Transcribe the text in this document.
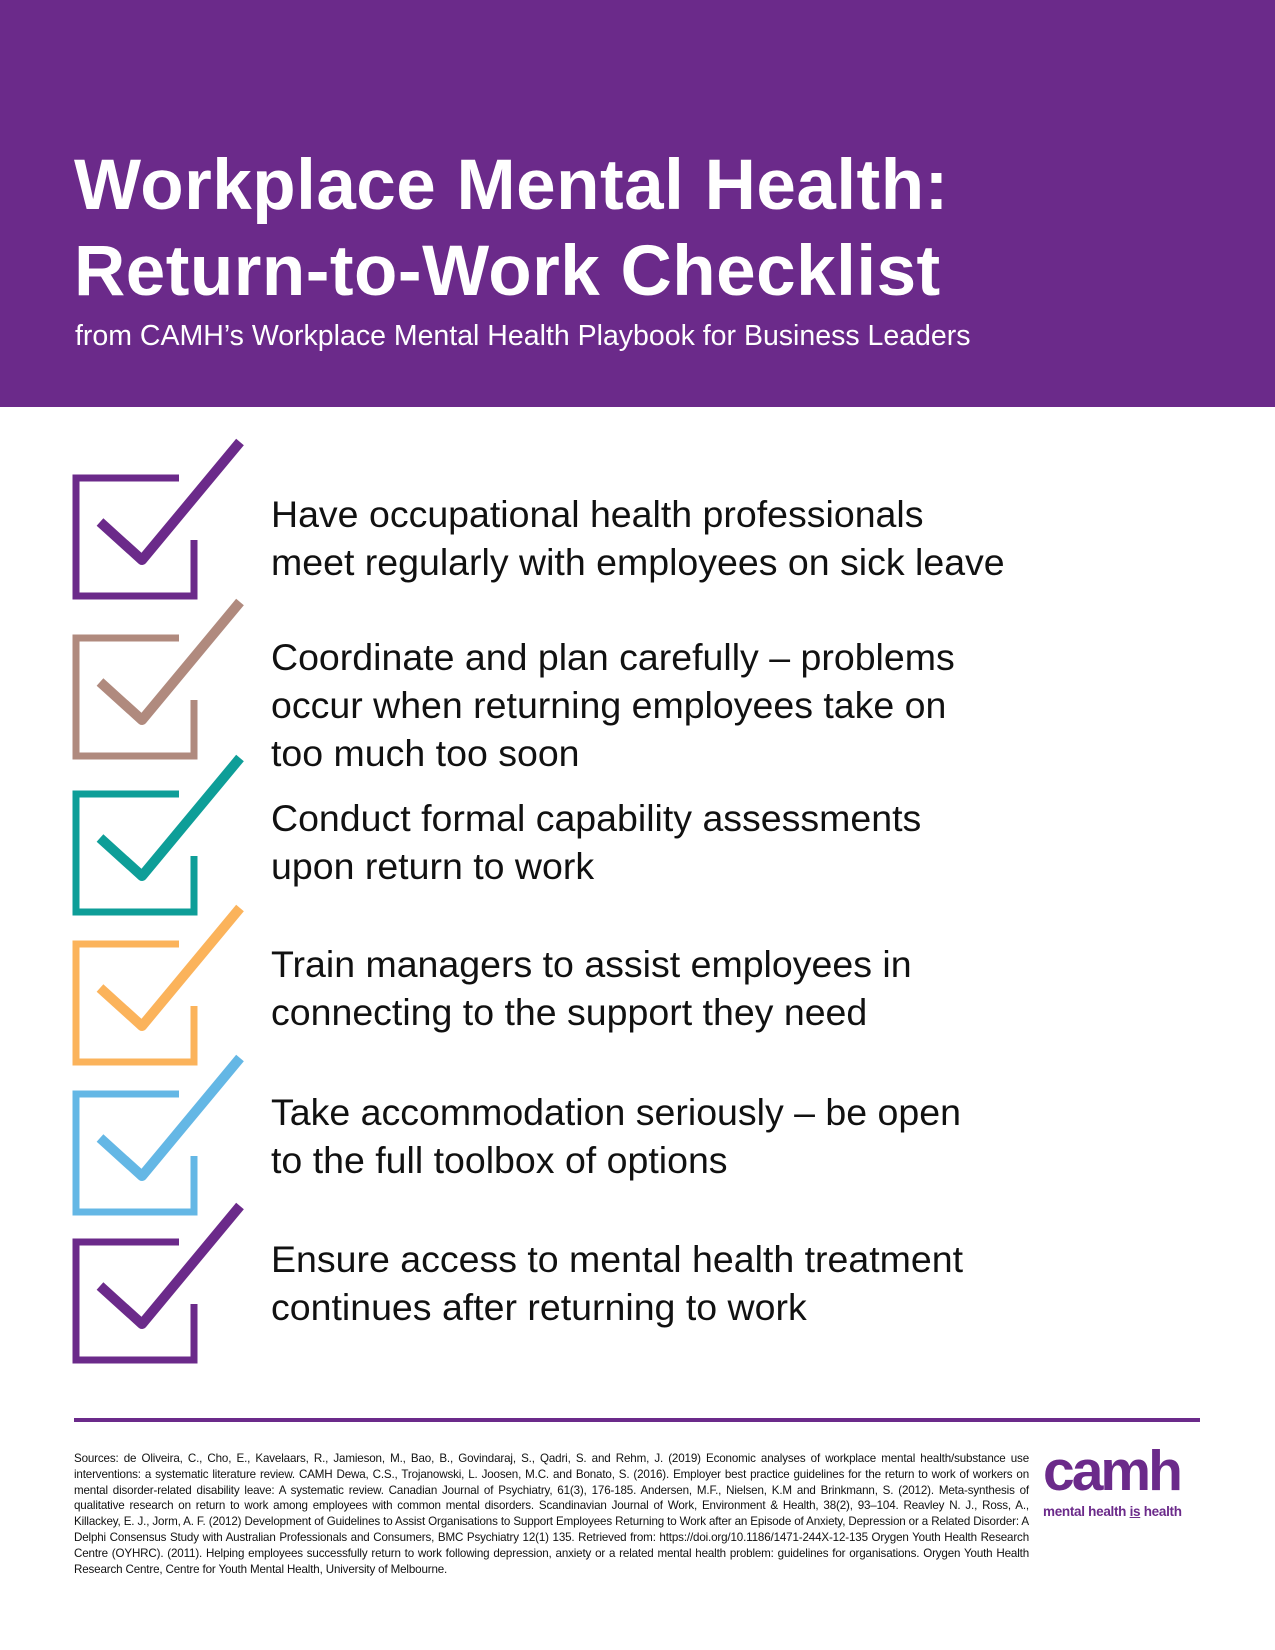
Workplace Mental Health:
Return-to-Work Checklist
from CAMH’s Workplace Mental Health Playbook for Business Leaders
Have occupational health professionals
meet regularly with employees on sick leave
Coordinate and plan carefully – problems
occur when returning employees take on
too much too soon
Conduct formal capability assessments
upon return to work
Train managers to assist employees in
connecting to the support they need
Take accommodation seriously – be open
to the full toolbox of options
Ensure access to mental health treatment
continues after returning to work
Sources: de Oliveira, C., Cho, E., Kavelaars, R., Jamieson, M., Bao, B., Govindaraj, S., Qadri, S. and Rehm, J. (2019) Economic analyses of workplace mental health/substance use interventions: a systematic literature review. CAMH Dewa, C.S., Trojanowski, L. Joosen, M.C. and Bonato, S. (2016). Employer best practice guidelines for the return to work of workers on mental disorder-related disability leave: A systematic review. Canadian Journal of Psychiatry, 61(3), 176-185. Andersen, M.F., Nielsen, K.M and Brinkmann, S. (2012). Meta-synthesis of qualitative research on return to work among employees with common mental disorders. Scandinavian Journal of Work, Environment & Health, 38(2), 93–104. Reavley N. J., Ross, A., Killackey, E. J., Jorm, A. F. (2012) Development of Guidelines to Assist Organisations to Support Employees Returning to Work after an Episode of Anxiety, Depression or a Related Disorder: A Delphi Consensus Study with Australian Professionals and Consumers, BMC Psychiatry 12(1) 135. Retrieved from: https://doi.org/10.1186/1471-244X-12-135 Orygen Youth Health Research Centre (OYHRC). (2011). Helping employees successfully return to work following depression, anxiety or a related mental health problem: guidelines for organisations. Orygen Youth Health Research Centre, Centre for Youth Mental Health, University of Melbourne.
camh
mental health is health
